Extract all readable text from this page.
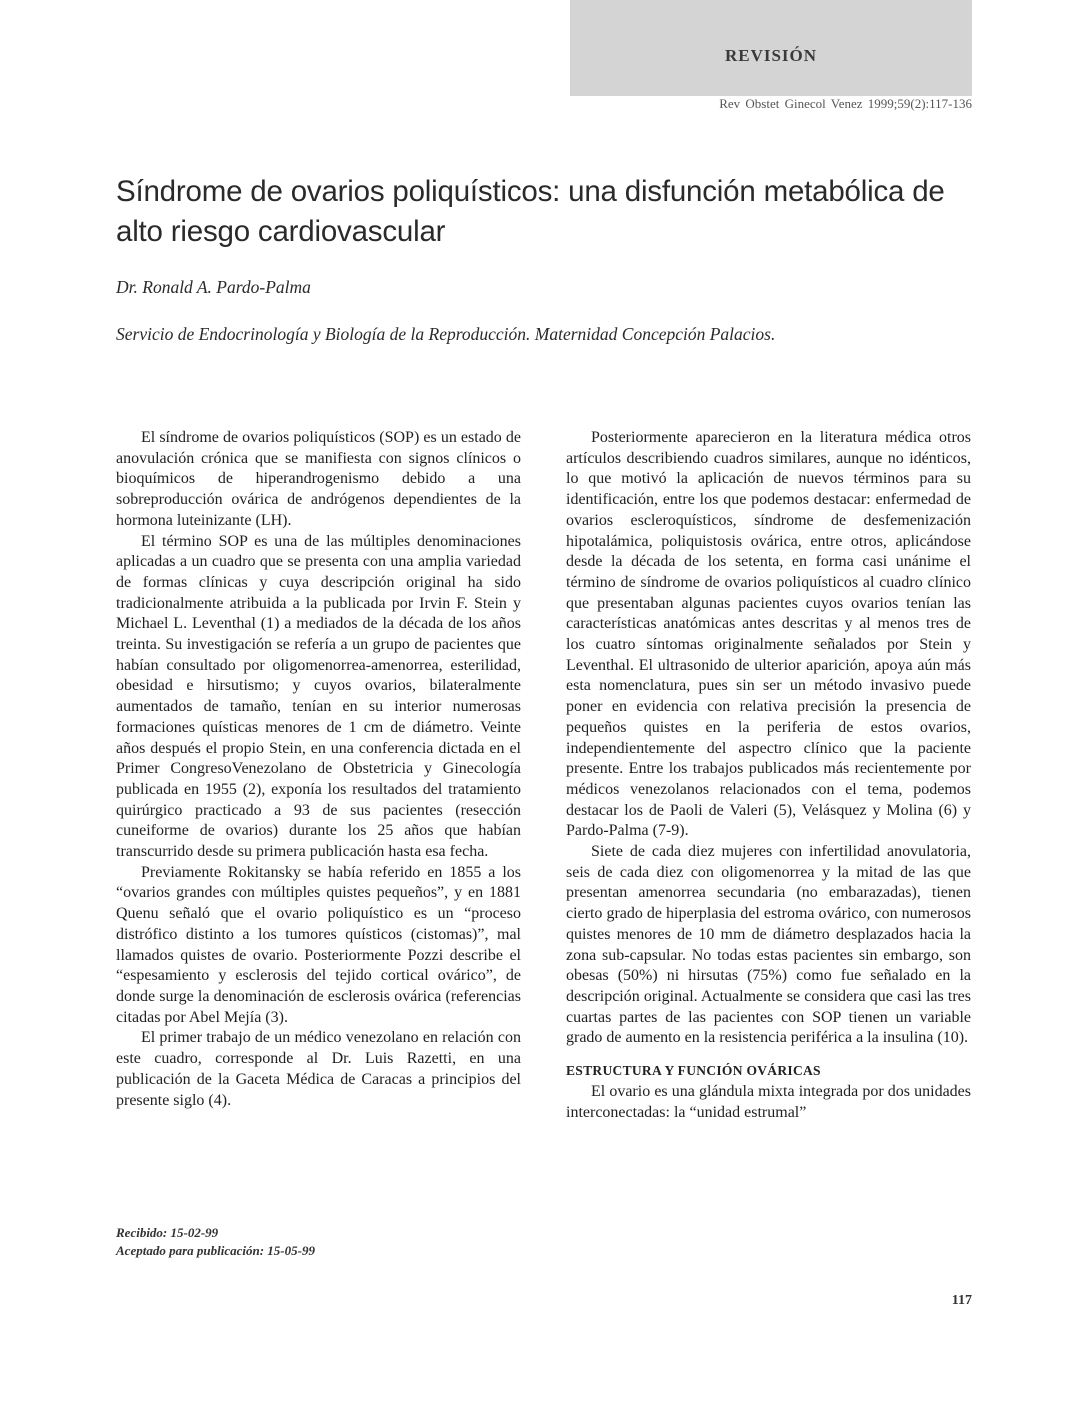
REVISIÓN
Rev Obstet Ginecol Venez 1999;59(2):117-136
Síndrome de ovarios poliquísticos: una disfunción metabólica de alto riesgo cardiovascular
Dr. Ronald A. Pardo-Palma
Servicio de Endocrinología y Biología de la Reproducción. Maternidad Concepción Palacios.

El síndrome de ovarios poliquísticos (SOP) es un estado de anovulación crónica que se manifiesta con signos clínicos o bioquímicos de hiperandrogenismo debido a una sobreproducción ovárica de andrógenos dependientes de la hormona luteinizante (LH).

El término SOP es una de las múltiples denominaciones aplicadas a un cuadro que se presenta con una amplia variedad de formas clínicas y cuya descripción original ha sido tradicionalmente atribuida a la publicada por Irvin F. Stein y Michael L. Leventhal (1) a mediados de la década de los años treinta. Su investigación se refería a un grupo de pacientes que habían consultado por oligomenorrea-amenorrea, esterilidad, obesidad e hirsutismo; y cuyos ovarios, bilateralmente aumentados de tamaño, tenían en su interior numerosas formaciones quísticas menores de 1 cm de diámetro. Veinte años después el propio Stein, en una conferencia dictada en el Primer CongresoVenezolano de Obstetricia y Ginecología publicada en 1955 (2), exponía los resultados del tratamiento quirúrgico practicado a 93 de sus pacientes (resección cuneiforme de ovarios) durante los 25 años que habían transcurrido desde su primera publicación hasta esa fecha.

Previamente Rokitansky se había referido en 1855 a los “ovarios grandes con múltiples quistes pequeños”, y en 1881 Quenu señaló que el ovario poliquístico es un “proceso distrófico distinto a los tumores quísticos (cistomas)”, mal llamados quistes de ovario. Posteriormente Pozzi describe el “espesamiento y esclerosis del tejido cortical ovárico”, de donde surge la denominación de esclerosis ovárica (referencias citadas por Abel Mejía (3).

El primer trabajo de un médico venezolano en relación con este cuadro, corresponde al Dr. Luis Razetti, en una publicación de la Gaceta Médica de Caracas a principios del presente siglo (4).

Posteriormente aparecieron en la literatura médica otros artículos describiendo cuadros similares, aunque no idénticos, lo que motivó la aplicación de nuevos términos para su identificación, entre los que podemos destacar: enfermedad de ovarios escleroquísticos, síndrome de desfemenización hipotalámica, poliquistosis ovárica, entre otros, aplicándose desde la década de los setenta, en forma casi unánime el término de síndrome de ovarios poliquísticos al cuadro clínico que presentaban algunas pacientes cuyos ovarios tenían las características anatómicas antes descritas y al menos tres de los cuatro síntomas originalmente señalados por Stein y Leventhal. El ultrasonido de ulterior aparición, apoya aún más esta nomenclatura, pues sin ser un método invasivo puede poner en evidencia con relativa precisión la presencia de pequeños quistes en la periferia de estos ovarios, independientemente del aspectro clínico que la paciente presente. Entre los trabajos publicados más recientemente por médicos venezolanos relacionados con el tema, podemos destacar los de Paoli de Valeri (5), Velásquez y Molina (6) y Pardo-Palma (7-9).

Siete de cada diez mujeres con infertilidad anovulatoria, seis de cada diez con oligomenorrea y la mitad de las que presentan amenorrea secundaria (no embarazadas), tienen cierto grado de hiperplasia del estroma ovárico, con numerosos quistes menores de 10 mm de diámetro desplazados hacia la zona sub-capsular. No todas estas pacientes sin embargo, son obesas (50%) ni hirsutas (75%) como fue señalado en la descripción original. Actualmente se considera que casi las tres cuartas partes de las pacientes con SOP tienen un variable grado de aumento en la resistencia periférica a la insulina (10).

ESTRUCTURA Y FUNCIÓN OVÁRICAS

El ovario es una glándula mixta integrada por dos unidades interconectadas: la “unidad estrumal”

Recibido: 15-02-99
Aceptado para publicación: 15-05-99
117
